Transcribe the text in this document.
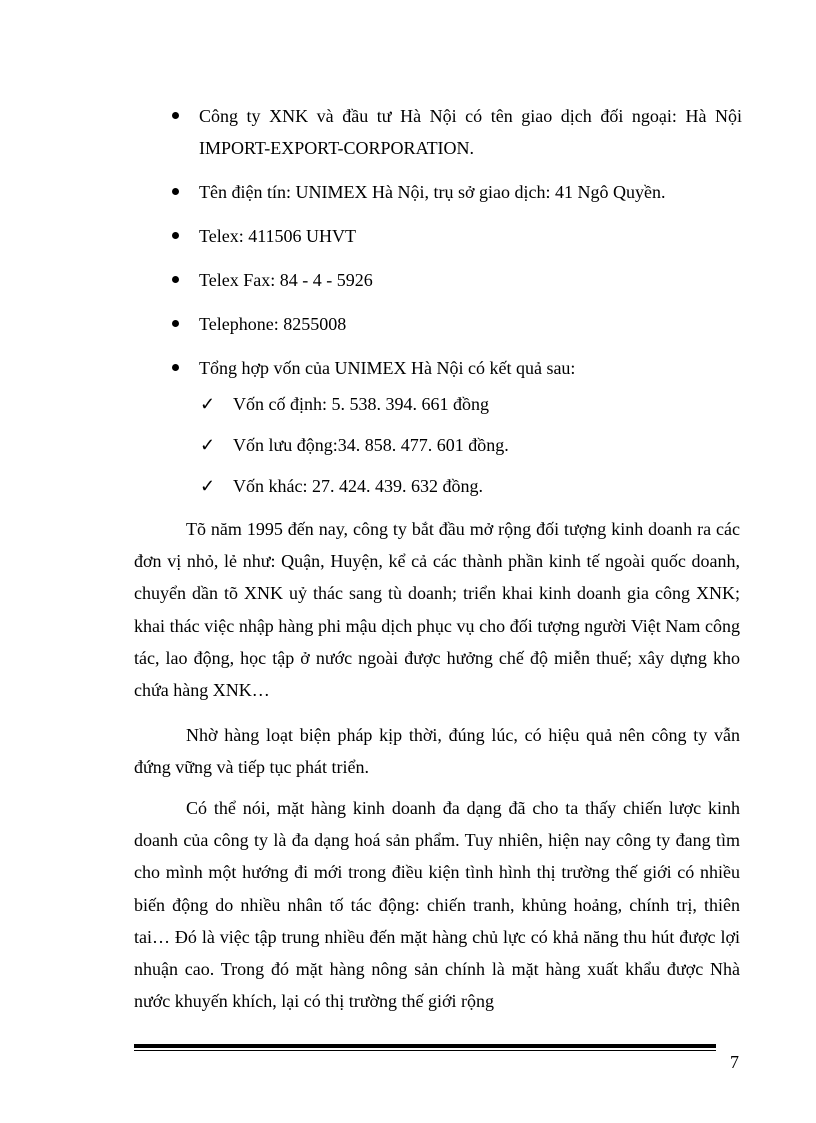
Công ty XNK và đầu tư Hà Nội có tên giao dịch đối ngoại: Hà Nội IMPORT-EXPORT-CORPORATION.
Tên điện tín: UNIMEX Hà Nội, trụ sở giao dịch: 41 Ngô Quyền.
Telex: 411506 UHVT
Telex Fax: 84 - 4 - 5926
Telephone: 8255008
Tổng hợp vốn của UNIMEX Hà Nội có kết quả sau:
✓ Vốn cố định: 5. 538. 394. 661 đồng
✓ Vốn lưu động:34. 858. 477. 601 đồng.
✓ Vốn khác: 27. 424. 439. 632 đồng.

Tõ năm 1995 đến nay, công ty bắt đầu mở rộng đối tượng kinh doanh ra các đơn vị nhỏ, lẻ như: Quận, Huyện, kể cả các thành phần kinh tế ngoài quốc doanh, chuyển dần tõ XNK uỷ thác sang tù doanh; triển khai kinh doanh gia công XNK; khai thác việc nhập hàng phi mậu dịch phục vụ cho đối tượng người Việt Nam công tác, lao động, học tập ở nước ngoài được hưởng chế độ miễn thuế; xây dựng kho chứa hàng XNK…

Nhờ hàng loạt biện pháp kịp thời, đúng lúc, có hiệu quả nên công ty vẫn đứng vững và tiếp tục phát triển.

Có thể nói, mặt hàng kinh doanh đa dạng đã cho ta thấy chiến lược kinh doanh của công ty là đa dạng hoá sản phẩm. Tuy nhiên, hiện nay công ty đang tìm cho mình một hướng đi mới trong điều kiện tình hình thị trường thế giới có nhiều biến động do nhiều nhân tố tác động: chiến tranh, khủng hoảng, chính trị, thiên tai… Đó là việc tập trung nhiều đến mặt hàng chủ lực có khả năng thu hút được lợi nhuận cao. Trong đó mặt hàng nông sản chính là mặt hàng xuất khẩu được Nhà nước khuyến khích, lại có thị trường thế giới rộng

7
